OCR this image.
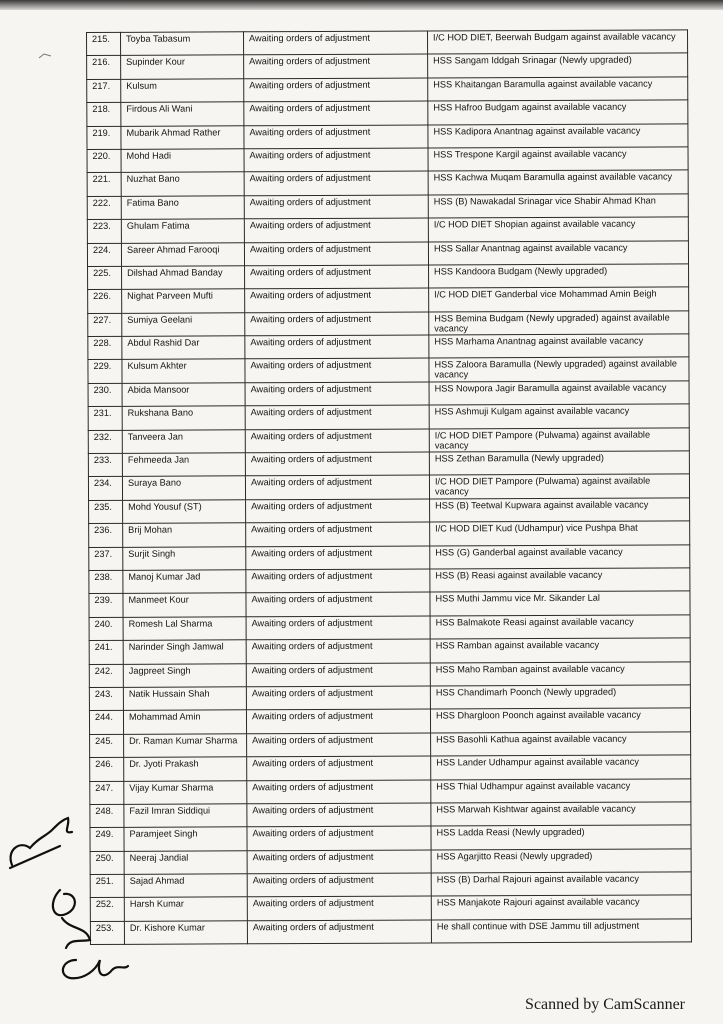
215.	Toyba Tabasum	Awaiting orders of adjustment	I/C HOD DIET, Beerwah Budgam against available vacancy
216.	Supinder Kour	Awaiting orders of adjustment	HSS Sangam Iddgah Srinagar (Newly upgraded)
217.	Kulsum	Awaiting orders of adjustment	HSS Khaitangan Baramulla against available vacancy
218.	Firdous Ali Wani	Awaiting orders of adjustment	HSS Hafroo Budgam against available vacancy
219.	Mubarik Ahmad Rather	Awaiting orders of adjustment	HSS Kadipora Anantnag against available vacancy
220.	Mohd Hadi	Awaiting orders of adjustment	HSS Trespone Kargil against available vacancy
221.	Nuzhat Bano	Awaiting orders of adjustment	HSS Kachwa Muqam Baramulla against available vacancy
222.	Fatima Bano	Awaiting orders of adjustment	HSS (B) Nawakadal Srinagar vice Shabir Ahmad Khan
223.	Ghulam Fatima	Awaiting orders of adjustment	I/C HOD DIET Shopian against available vacancy
224.	Sareer Ahmad Farooqi	Awaiting orders of adjustment	HSS Sallar Anantnag against available vacancy
225.	Dilshad Ahmad Banday	Awaiting orders of adjustment	HSS Kandoora Budgam (Newly upgraded)
226.	Nighat Parveen Mufti	Awaiting orders of adjustment	I/C HOD DIET Ganderbal vice Mohammad Amin Beigh
227.	Sumiya Geelani	Awaiting orders of adjustment	HSS Bemina Budgam (Newly upgraded) against available vacancy
228.	Abdul Rashid Dar	Awaiting orders of adjustment	HSS Marhama Anantnag against available vacancy
229.	Kulsum Akhter	Awaiting orders of adjustment	HSS Zaloora Baramulla (Newly upgraded) against available vacancy
230.	Abida Mansoor	Awaiting orders of adjustment	HSS Nowpora Jagir Baramulla against available vacancy
231.	Rukshana Bano	Awaiting orders of adjustment	HSS Ashmuji Kulgam against available vacancy
232.	Tanveera Jan	Awaiting orders of adjustment	I/C HOD DIET Pampore (Pulwama) against available vacancy
233.	Fehmeeda Jan	Awaiting orders of adjustment	HSS Zethan Baramulla (Newly upgraded)
234.	Suraya Bano	Awaiting orders of adjustment	I/C HOD DIET Pampore (Pulwama) against available vacancy
235.	Mohd Yousuf (ST)	Awaiting orders of adjustment	HSS (B) Teetwal Kupwara against available vacancy
236.	Brij Mohan	Awaiting orders of adjustment	I/C HOD DIET Kud (Udhampur) vice Pushpa Bhat
237.	Surjit Singh	Awaiting orders of adjustment	HSS (G) Ganderbal against available vacancy
238.	Manoj Kumar Jad	Awaiting orders of adjustment	HSS (B) Reasi against available vacancy
239.	Manmeet Kour	Awaiting orders of adjustment	HSS Muthi Jammu vice Mr. Sikander Lal
240.	Romesh Lal Sharma	Awaiting orders of adjustment	HSS Balmakote Reasi against available vacancy
241.	Narinder Singh Jamwal	Awaiting orders of adjustment	HSS Ramban against available vacancy
242.	Jagpreet Singh	Awaiting orders of adjustment	HSS Maho Ramban against available vacancy
243.	Natik Hussain Shah	Awaiting orders of adjustment	HSS Chandimarh Poonch (Newly upgraded)
244.	Mohammad Amin	Awaiting orders of adjustment	HSS Dhargloon Poonch against available vacancy
245.	Dr. Raman Kumar Sharma	Awaiting orders of adjustment	HSS Basohli Kathua against available vacancy
246.	Dr. Jyoti Prakash	Awaiting orders of adjustment	HSS Lander Udhampur against available vacancy
247.	Vijay Kumar Sharma	Awaiting orders of adjustment	HSS Thial Udhampur against available vacancy
248.	Fazil Imran Siddiqui	Awaiting orders of adjustment	HSS Marwah Kishtwar against available vacancy
249.	Paramjeet Singh	Awaiting orders of adjustment	HSS Ladda Reasi (Newly upgraded)
250.	Neeraj Jandial	Awaiting orders of adjustment	HSS Agarjitto Reasi (Newly upgraded)
251.	Sajad Ahmad	Awaiting orders of adjustment	HSS (B) Darhal Rajouri against available vacancy
252.	Harsh Kumar	Awaiting orders of adjustment	HSS Manjakote Rajouri against available vacancy
253.	Dr. Kishore Kumar	Awaiting orders of adjustment	He shall continue with DSE Jammu till adjustment
Scanned by CamScanner
